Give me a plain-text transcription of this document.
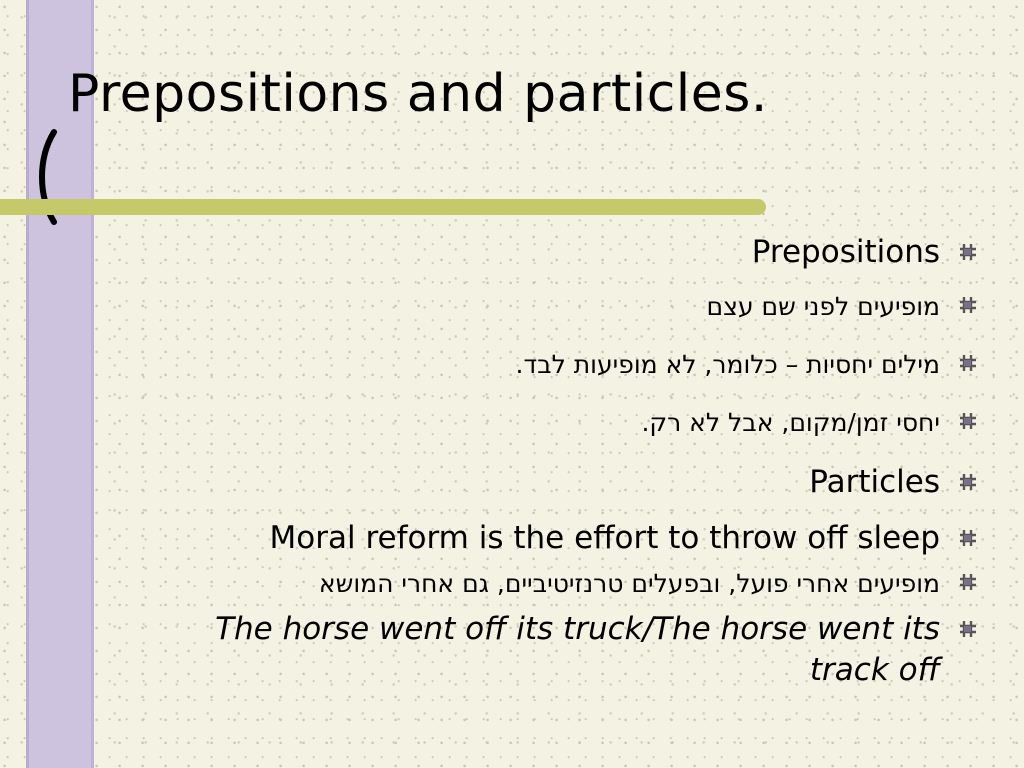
Prepositions and particles.
Prepositions
מופיעים לפני שם עצם
מילים יחסיות – כלומר, לא מופיעות לבד.
יחסי זמן/מקום, אבל לא רק.
Particles
Moral reform is the effort to throw off sleep
מופיעים אחרי פועל, ובפעלים טרנזיטיביים, גם אחרי המושא
The horse went off its truck/The horse went its track off
